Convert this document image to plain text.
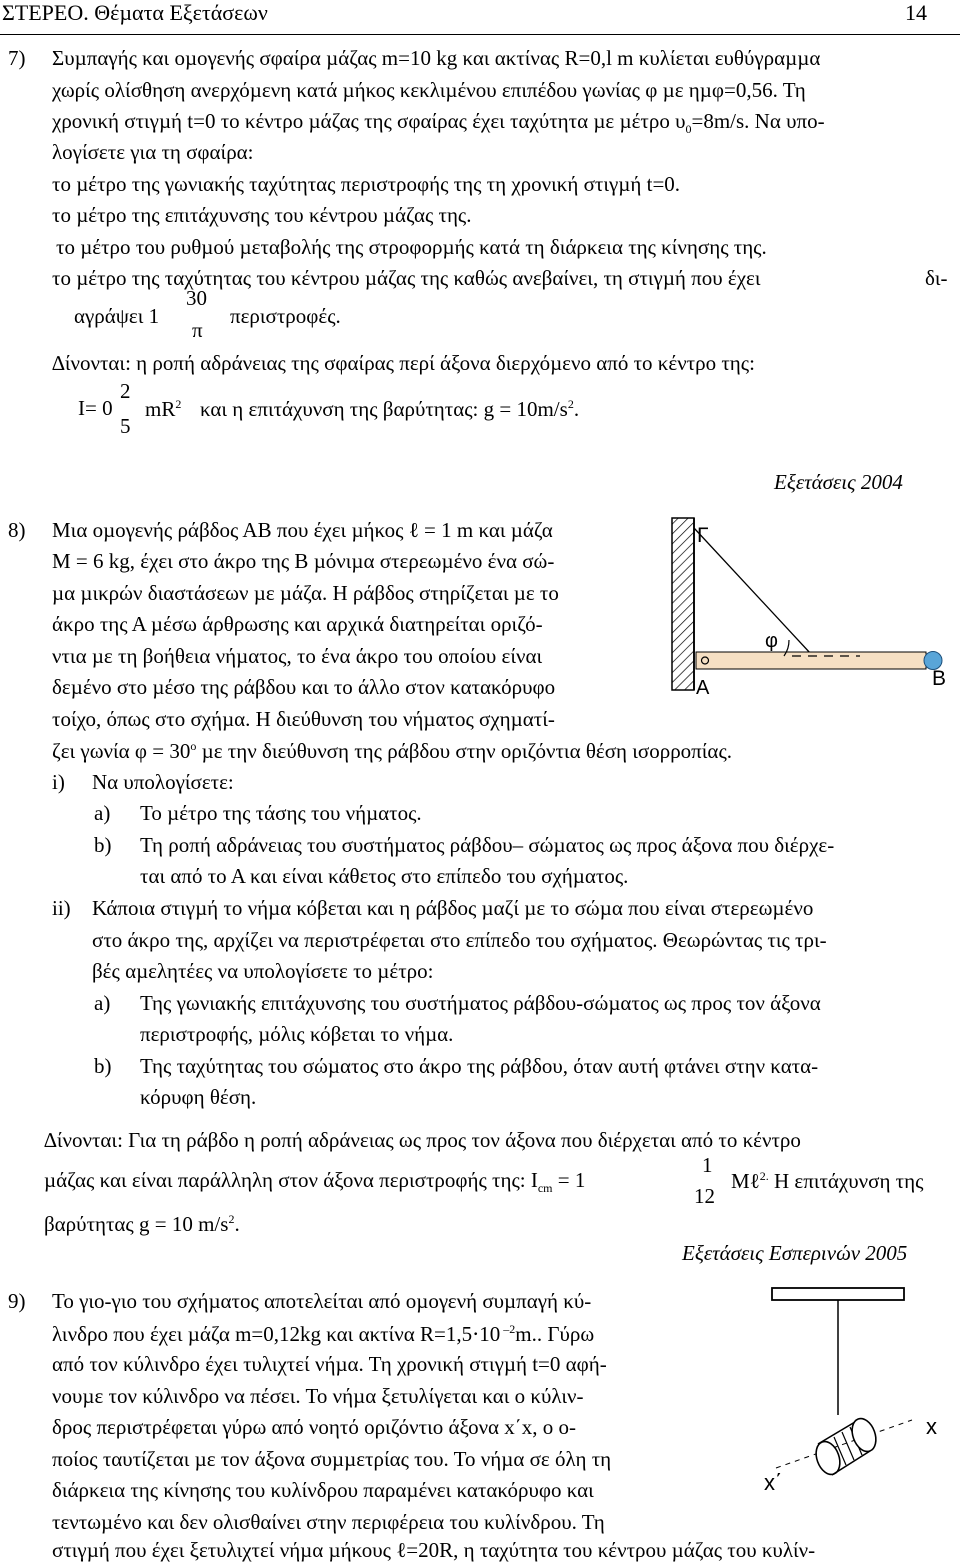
ΣΤΕΡΕΟ. Θέµατα Εξετάσεων	14
7) Συµπαγής και οµογενής σφαίρα µάζας m=10 kg και ακτίνας R=0,l m κυλίεται ευθύγραµµα
χωρίς ολίσθηση ανερχόµενη κατά µήκος κεκλιµένου επιπέδου γωνίας φ µε ηµφ=0,56. Τη
χρονική στιγµή t=0 το κέντρο µάζας της σφαίρας έχει ταχύτητα µε µέτρο $\upsilon_0=8m/s$. Να υπο-
λογίσετε για τη σφαίρα:
το µέτρο της γωνιακής ταχύτητας περιστροφής της τη χρονική στιγµή t=0.
το µέτρο της επιτάχυνσης του κέντρου µάζας της.
το µέτρο του ρυθµού µεταβολής της στροφορµής κατά τη διάρκεια της κίνησης της.
το µέτρο της ταχύτητας του κέντρου µάζας της καθώς ανεβαίνει, τη στιγµή που έχει	δι-
αγράψει 1
30
π
περιστροφές.
∆ίνονται: η ροπή αδράνειας της σφαίρας περί άξονα διερχόµενο από το κέντρο της:
I= 0
2
5
$mR^2$ και η επιτάχυνση της βαρύτητας: $g = 10m/s^2$.
Εξετάσεις 2004
8) Μια οµογενής ράβδος ΑΒ που έχει µήκος ℓ = 1 m και µάζα
Μ = 6 kg, έχει στο άκρο της Β µόνιµα στερεωµένο ένα σώ-
µα µικρών διαστάσεων µε µάζα. Η ράβδος στηρίζεται µε το
άκρο της Α µέσω άρθρωσης και αρχικά διατηρείται οριζό-
ντια µε τη βοήθεια νήµατος, το ένα άκρο του οποίου είναι
δεµένο στο µέσο της ράβδου και το άλλο στον κατακόρυφο
τοίχο, όπως στο σχήµα. Η διεύθυνση του νήµατος σχηµατί-
ζει γωνία $\varphi = 30^o$ µε την διεύθυνση της ράβδου στην οριζόντια θέση ισορροπίας.
Γ
φ
Α	Β
i) Να υπολογίσετε:
a) Το µέτρο της τάσης του νήµατος.
b) Τη ροπή αδράνειας του συστήµατος ράβδου– σώµατος ως προς άξονα που διέρχε-
ται από το Α και είναι κάθετος στο επίπεδο του σχήµατος.
ii) Κάποια στιγµή το νήµα κόβεται και η ράβδος µαζί µε το σώµα που είναι στερεωµένο
στο άκρο της, αρχίζει να περιστρέφεται στο επίπεδο του σχήµατος. Θεωρώντας τις τρι-
βές αµελητέες να υπολογίσετε το µέτρο:
a) Της γωνιακής επιτάχυνσης του συστήµατος ράβδου-σώµατος ως προς τον άξονα
περιστροφής, µόλις κόβεται το νήµα.
b) Της ταχύτητας του σώµατος στο άκρο της ράβδου, όταν αυτή φτάνει στην κατα-
κόρυφη θέση.
∆ίνονται: Για τη ράβδο η ροπή αδράνειας ως προς τον άξονα που διέρχεται από το κέντρο
µάζας και είναι παράλληλη στον άξονα περιστροφής της: $I_{cm} = 1$
1
12
Mℓ$^{2.}$ Η επιτάχυνση της
βαρύτητας g = 10 $m/s^2$.
Εξετάσεις Εσπερινών 2005
9) Το γιο-γιο του σχήµατος αποτελείται από οµογενή συµπαγή κύ-
λινδρο που έχει µάζα m=0,12kg και ακτίνα R=1,5⋅10 $^{-2}$m.. Γύρω
από τον κύλινδρο έχει τυλιχτεί νήµα. Τη χρονική στιγµή t=0 αφή-
νουµε τον κύλινδρο να πέσει. Το νήµα ξετυλίγεται και ο κύλιν-
δρος περιστρέφεται γύρω από νοητό οριζόντιο άξονα x΄x, ο ο-
ποίος ταυτίζεται µε τον άξονα συµµετρίας του. Το νήµα σε όλη τη
διάρκεια της κίνησης του κυλίνδρου παραµένει κατακόρυφο και
τεντωµένο και δεν ολισθαίνει στην περιφέρεια του κυλίνδρου. Τη
στιγµή που έχει ξετυλιχτεί νήµα µήκους ℓ=20R, η ταχύτητα του κέντρου µάζας του κυλίν-
x
x΄
